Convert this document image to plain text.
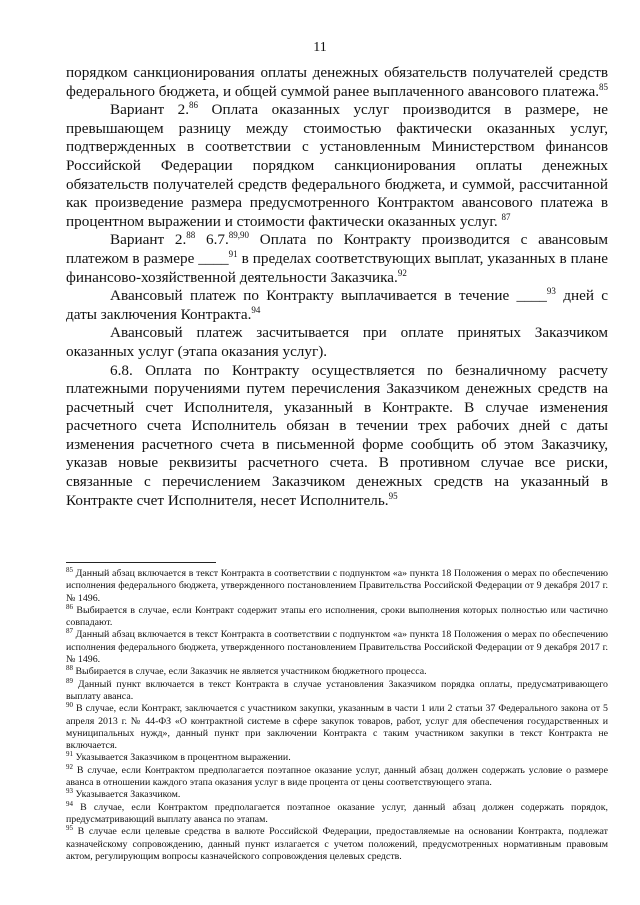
11

порядком санкционирования оплаты денежных обязательств получателей средств федерального бюджета, и общей суммой ранее выплаченного авансового платежа.$^{85}$

Вариант 2.86 Оплата оказанных услуг производится в размере, не превышающем разницу между стоимостью фактически оказанных услуг, подтвержденных в соответствии с установленным Министерством финансов Российской Федерации порядком санкционирования оплаты денежных обязательств получателей средств федерального бюджета, и суммой, рассчитанной как произведение размера предусмотренного Контрактом авансового платежа в процентном выражении и стоимости фактически оказанных услуг. $^{87}$

Вариант 2.88 6.7.$^{89,90}$ Оплата по Контракту производится с авансовым платежом в размере ____$^{91}$ в пределах соответствующих выплат, указанных в плане финансово-хозяйственной деятельности Заказчика.$^{92}$

Авансовый платеж по Контракту выплачивается в течение ____$^{93}$ дней с даты заключения Контракта.$^{94}$

Авансовый платеж засчитывается при оплате принятых Заказчиком оказанных услуг (этапа оказания услуг).

6.8. Оплата по Контракту осуществляется по безналичному расчету платежными поручениями путем перечисления Заказчиком денежных средств на расчетный счет Исполнителя, указанный в Контракте. В случае изменения расчетного счета Исполнитель обязан в течении трех рабочих дней с даты изменения расчетного счета в письменной форме сообщить об этом Заказчику, указав новые реквизиты расчетного счета. В противном случае все риски, связанные с перечислением Заказчиком денежных средств на указанный в Контракте счет Исполнителя, несет Исполнитель.$^{95}$

$^{85}$ Данный абзац включается в текст Контракта в соответствии с подпунктом «а» пункта 18 Положения о мерах по обеспечению исполнения федерального бюджета, утвержденного постановлением Правительства Российской Федерации от 9 декабря 2017 г. № 1496.

$^{86}$ Выбирается в случае, если Контракт содержит этапы его исполнения, сроки выполнения которых полностью или частично совпадают.

$^{87}$ Данный абзац включается в текст Контракта в соответствии с подпунктом «а» пункта 18 Положения о мерах по обеспечению исполнения федерального бюджета, утвержденного постановлением Правительства Российской Федерации от 9 декабря 2017 г. № 1496.

$^{88}$ Выбирается в случае, если Заказчик не является участником бюджетного процесса.

$^{89}$ Данный пункт включается в текст Контракта в случае установления Заказчиком порядка оплаты, предусматривающего выплату аванса.

$^{90}$ В случае, если Контракт, заключается с участником закупки, указанным в части 1 или 2 статьи 37 Федерального закона от 5 апреля 2013 г. № 44-ФЗ «О контрактной системе в сфере закупок товаров, работ, услуг для обеспечения государственных и муниципальных нужд», данный пункт при заключении Контракта с таким участником закупки в текст Контракта не включается.

$^{91}$ Указывается Заказчиком в процентном выражении.

$^{92}$ В случае, если Контрактом предполагается поэтапное оказание услуг, данный абзац должен содержать условие о размере аванса в отношении каждого этапа оказания услуг в виде процента от цены соответствующего этапа.

$^{93}$ Указывается Заказчиком.

$^{94}$ В случае, если Контрактом предполагается поэтапное оказание услуг, данный абзац должен содержать порядок, предусматривающий выплату аванса по этапам.

$^{95}$ В случае если целевые средства в валюте Российской Федерации, предоставляемые на основании Контракта, подлежат казначейскому сопровождению, данный пункт излагается с учетом положений, предусмотренных нормативным правовым актом, регулирующим вопросы казначейского сопровождения целевых средств.
